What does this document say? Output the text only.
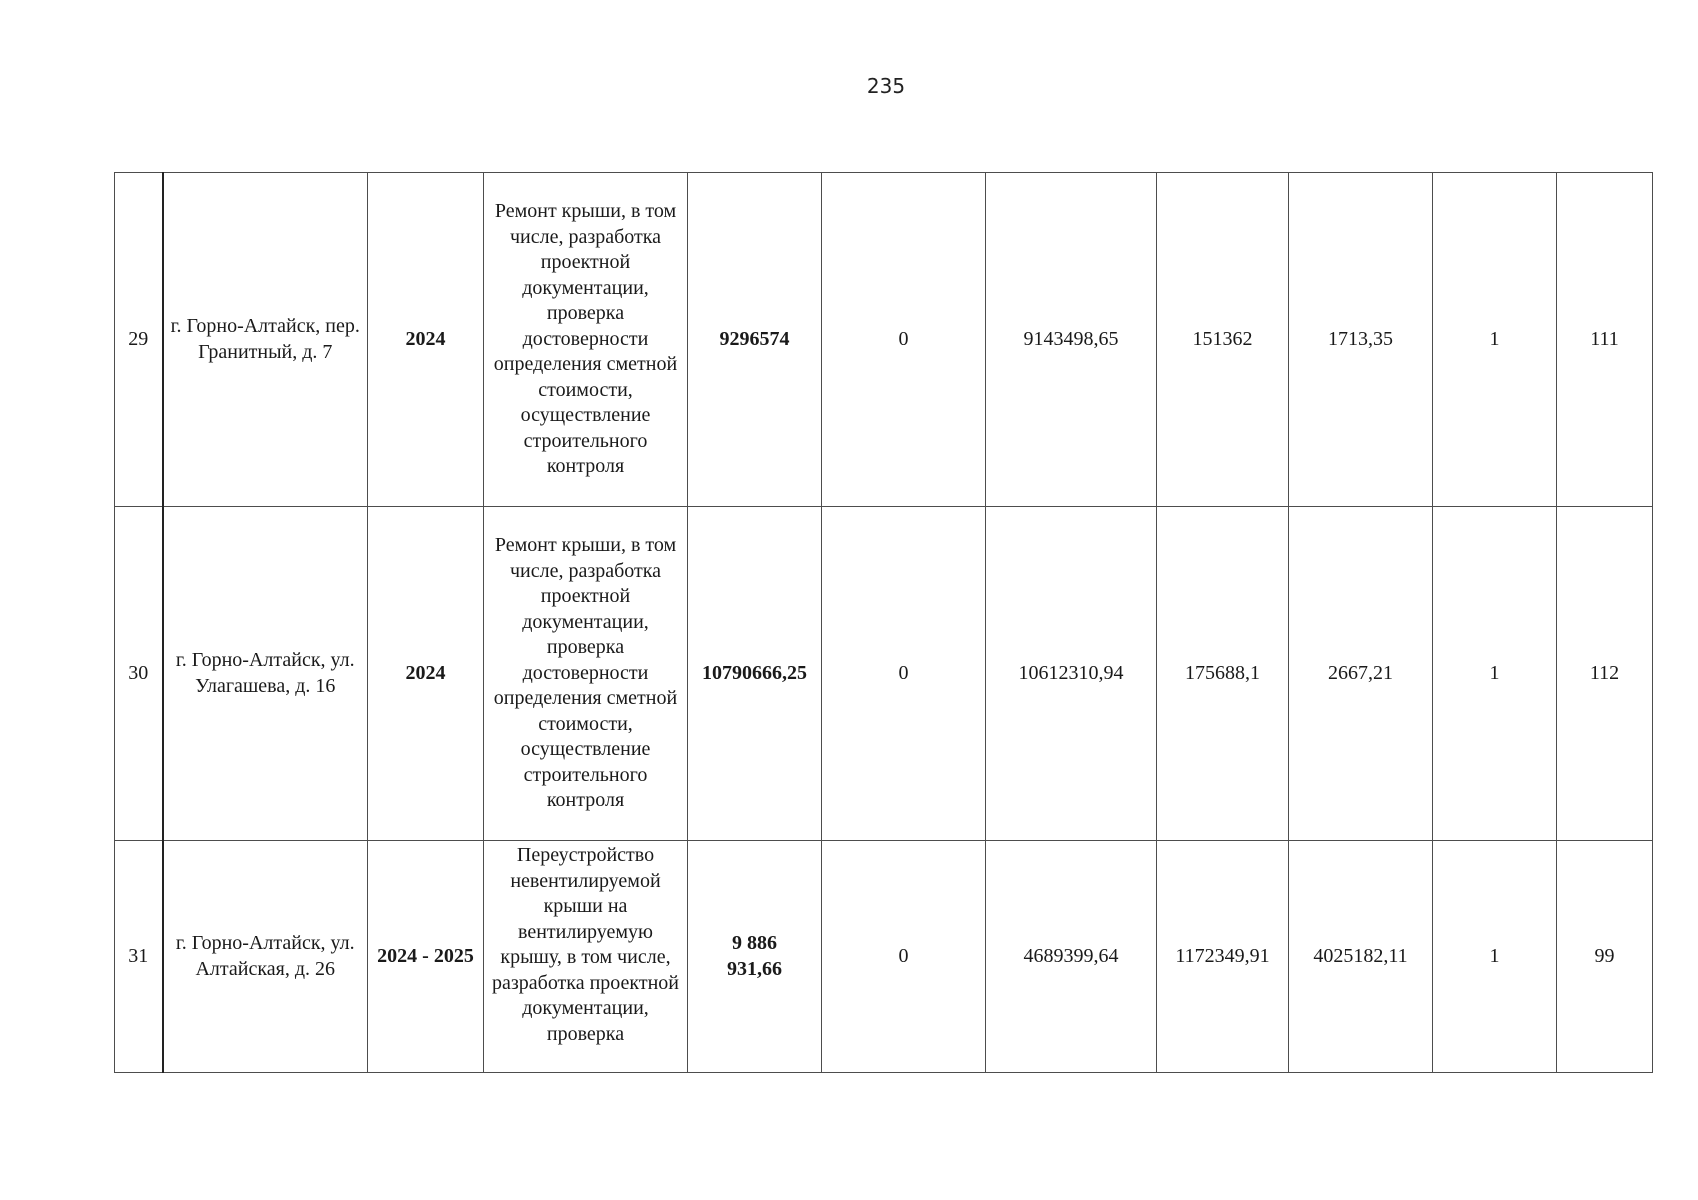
235
29	г. Горно-Алтайск, пер. Гранитный, д. 7	2024	Ремонт крыши, в том числе, разработка проектной документации, проверка достоверности определения сметной стоимости, осуществление строительного контроля	9296574	0	9143498,65	151362	1713,35	1	111
30	г. Горно-Алтайск, ул. Улагашева, д. 16	2024	Ремонт крыши, в том числе, разработка проектной документации, проверка достоверности определения сметной стоимости, осуществление строительного контроля	10790666,25	0	10612310,94	175688,1	2667,21	1	112
31	г. Горно-Алтайск, ул. Алтайская, д. 26	2024 - 2025	Переустройство невентилируемой крыши на вентилируемую крышу, в том числе, разработка проектной документации, проверка	9 886 931,66	0	4689399,64	1172349,91	4025182,11	1	99
